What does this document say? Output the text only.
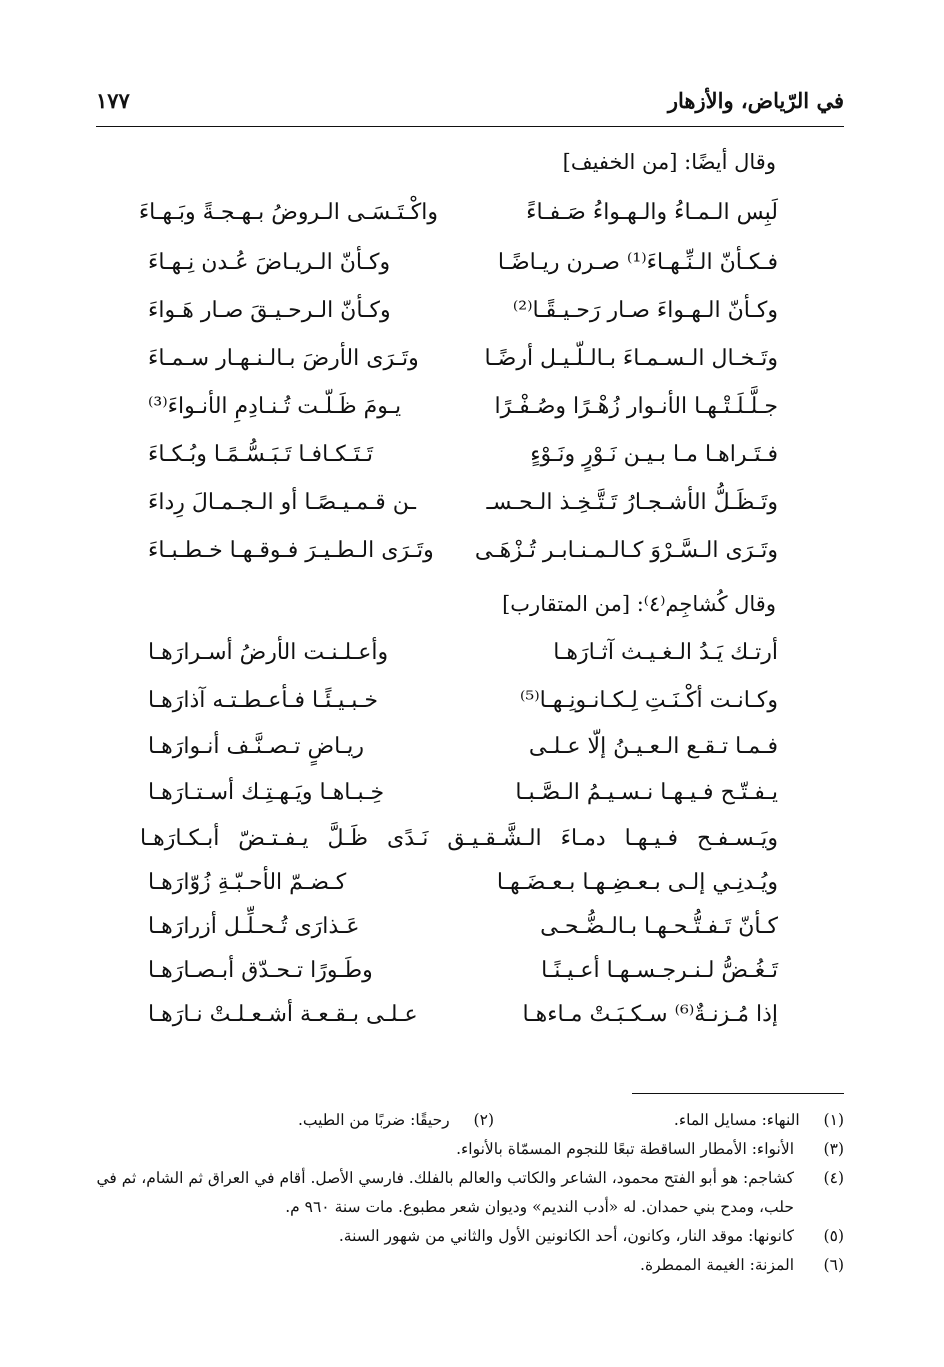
في الرّياض، والأزهار
١٧٧
وقال أيضًا: [من الخفيف]
لَبِس الـمـاءُ والـهـواءُ صَـفـاءً
واكْـتَـسَـى الـروضُ بـهـجـةً وبَـهـاءَ
فـكـأنّ الـنِّـهـاءَ⁽¹⁾ صـرن ريـاضًـا
وكـأنّ الـريـاضَ عُـدن نِـهـاءَ
وكـأنّ الـهـواءَ صـار رَحـيـقًـا⁽²⁾
وكـأنّ الـرحـيـقَ صـار هَـواءَ
وتَـخـال الـسـمـاءَ بـالـلّـيـل أرضًـا
وتَـرَى الأرضَ بـالـنـهـار سـمـاءَ
جـلَّـلَـتْـهـا الأنـوار زُهْـرًا وصُـفْـرًا
يـومَ ظَـلّـت تُـنـادِمِ الأنـواءَ⁽³⁾
فـتَـراهـا مـا بـيـن نَـوْرٍ ونَـوْءٍ
تَـتَـكـافـا تَـبَـسُّـمًـا وبُـكـاءَ
وتَـظَـلُّ الأشـجـارُ تَـتَّـخِـذ الـحـسـ
ـن قـمـيـصًـا أو الـجـمـالَ رِداءَ
وتَـرَى الـسَّـرْوَ كـالـمـنـابـر تُـزْهَـى
وتَـرَى الـطـيـرَ فـوقـهـا خـطـبـاءَ
وقال كُشاجِم⁽٤⁾: [من المتقارب]
أرتـك يَـدُ الـغـيـث آثـارَهـا
وأعـلـنـت الأرضُ أسـرارَهـا
وكـانـت أكْـنَـتِ لِـكـانـونِـهـا⁽⁵⁾
خـبـيـئًـا فـأعـطـتـه آذارَهـا
فـمـا تـقـع الـعـيـنُ إلّا عـلـى
ريـاضٍ تـصـنَّـف أنـوارَهـا
يـفـتّـح فـيـهـا نـسـيـمُ الـصَّـبـا
خِـبـاهـا ويَـهـتِـك أسـتـارَهـا
ويَـسـفـح فـيـهـا دمـاءَ الـشَّـقـيـق نَـدًى ظَـلَّ يـفـتـضّ أبـكـارَهـا
ويُـدنِـي إلـى بـعـضِـهـا بـعـضَـهـا
كـضـمّ الأحـبّـةِ زُوّارَهـا
كـأنّ تَـفـتُّـحـهـا بـالـضُّـحـى
عَـذارَى تُـحـلِّـل أزرارَهـا
تَـغُـضُّ لـنـرجـسـهـا أعـيـنًـا
وطَـورًا تـحـدّق أبـصـارَهـا
إذا مُـزنـةٌ⁽⁶⁾ سـكـبَـتْ مـاءهـا
عـلـى بـقـعـة أشـعـلـتْ نـارَهـا
(١)  النهاء: مسايل الماء.
(٢)  رحيقًا: ضربًا من الطيب.
(٣)
الأنواء: الأمطار الساقطة تبعًا للنجوم المسمّاة بالأنواء.
(٤)
كشاجم: هو أبو الفتح محمود، الشاعر والكاتب والعالم بالفلك. فارسي الأصل. أقام في العراق ثم الشام، ثم في حلب، ومدح بني حمدان. له «أدب النديم» وديوان شعر مطبوع. مات سنة ٩٦٠ م.
(٥)
كانونها: موقد النار، وكانون، أحد الكانونين الأول والثاني من شهور السنة.
(٦)
المزنة: الغيمة الممطرة.
